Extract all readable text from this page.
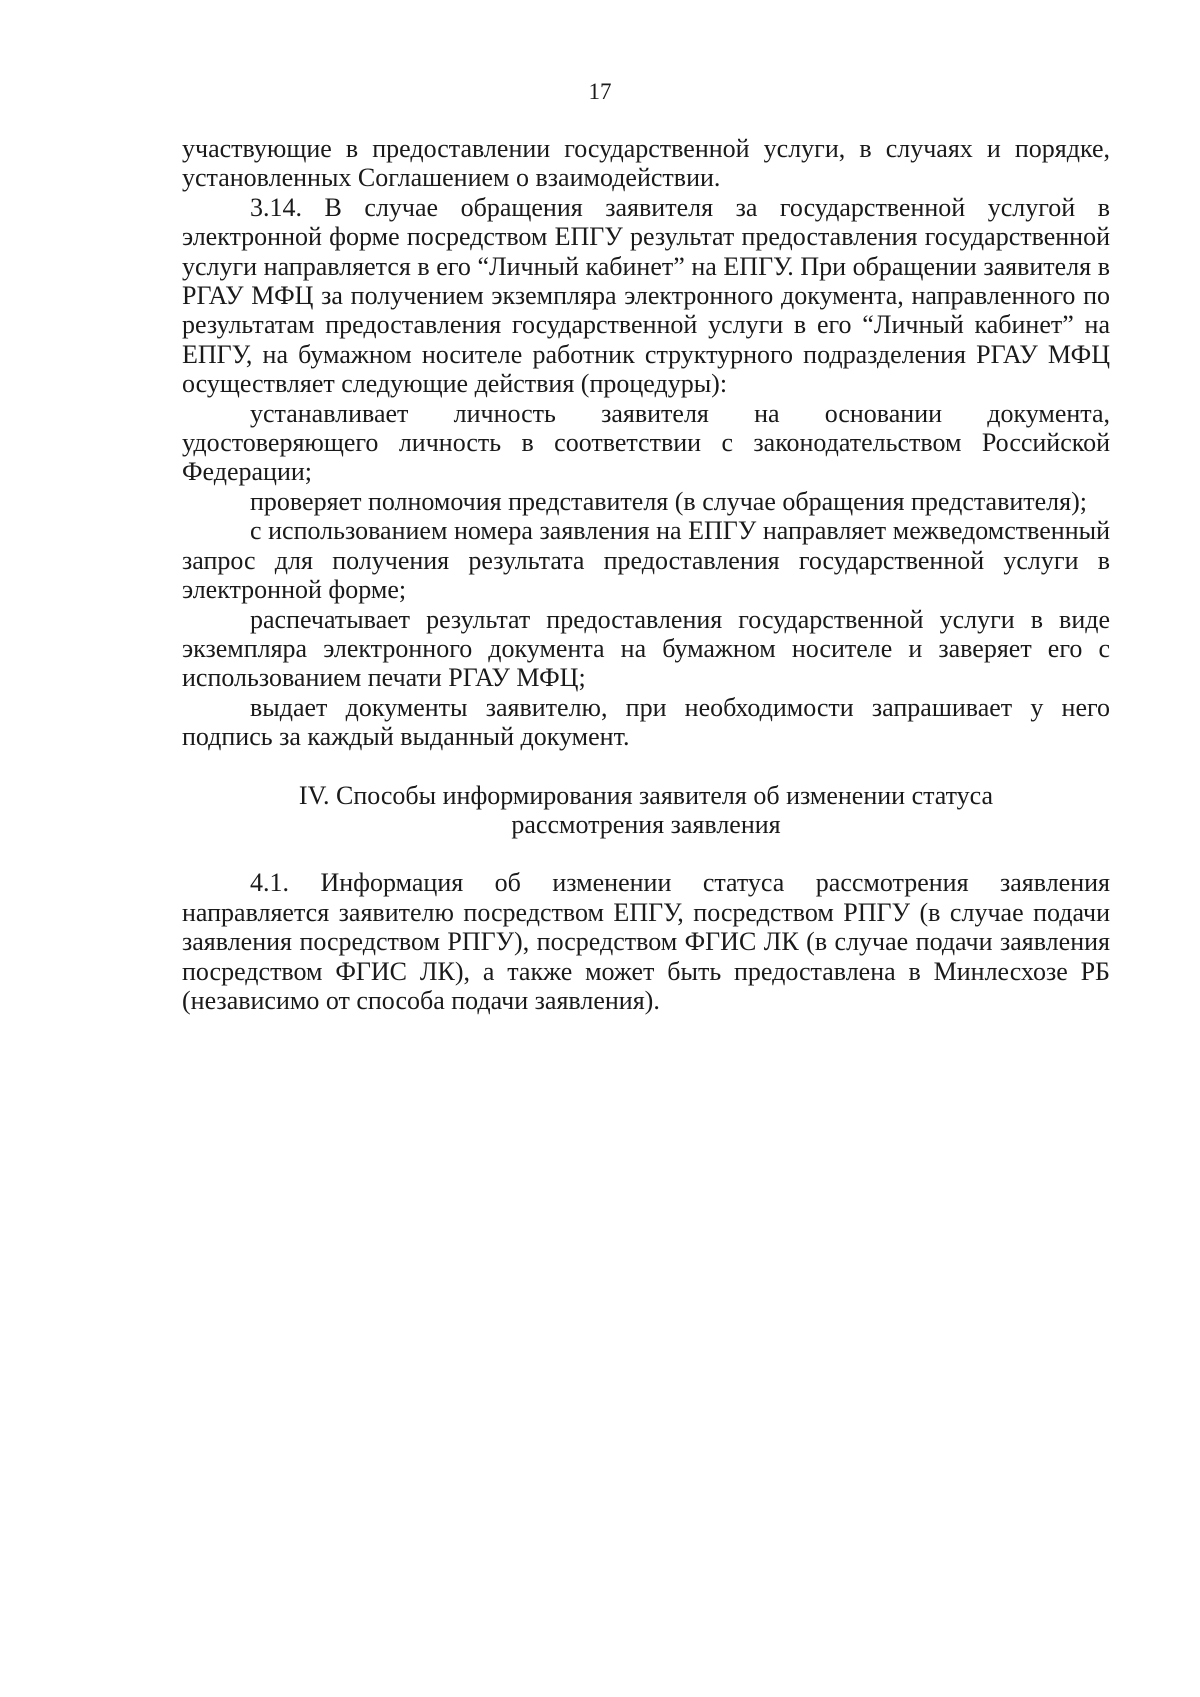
17

участвующие в предоставлении государственной услуги, в случаях и порядке, установленных Соглашением о взаимодействии.

3.14. В случае обращения заявителя за государственной услугой в электронной форме посредством ЕПГУ результат предоставления государственной услуги направляется в его “Личный кабинет” на ЕПГУ. При обращении заявителя в РГАУ МФЦ за получением экземпляра электронного документа, направленного по результатам предоставления государственной услуги в его “Личный кабинет” на ЕПГУ, на бумажном носителе работник структурного подразделения РГАУ МФЦ осуществляет следующие действия (процедуры):

устанавливает личность заявителя на основании документа, удостоверяющего личность в соответствии с законодательством Российской Федерации;

проверяет полномочия представителя (в случае обращения представителя);

с использованием номера заявления на ЕПГУ направляет межведомственный запрос для получения результата предоставления государственной услуги в электронной форме;

распечатывает результат предоставления государственной услуги в виде экземпляра электронного документа на бумажном носителе и заверяет его с использованием печати РГАУ МФЦ;

выдает документы заявителю, при необходимости запрашивает у него подпись за каждый выданный документ.

IV. Способы информирования заявителя об изменении статуса
рассмотрения заявления

4.1. Информация об изменении статуса рассмотрения заявления направляется заявителю посредством ЕПГУ, посредством РПГУ (в случае подачи заявления посредством РПГУ), посредством ФГИС ЛК (в случае подачи заявления посредством ФГИС ЛК), а также может быть предоставлена в Минлесхозе РБ (независимо от способа подачи заявления).
